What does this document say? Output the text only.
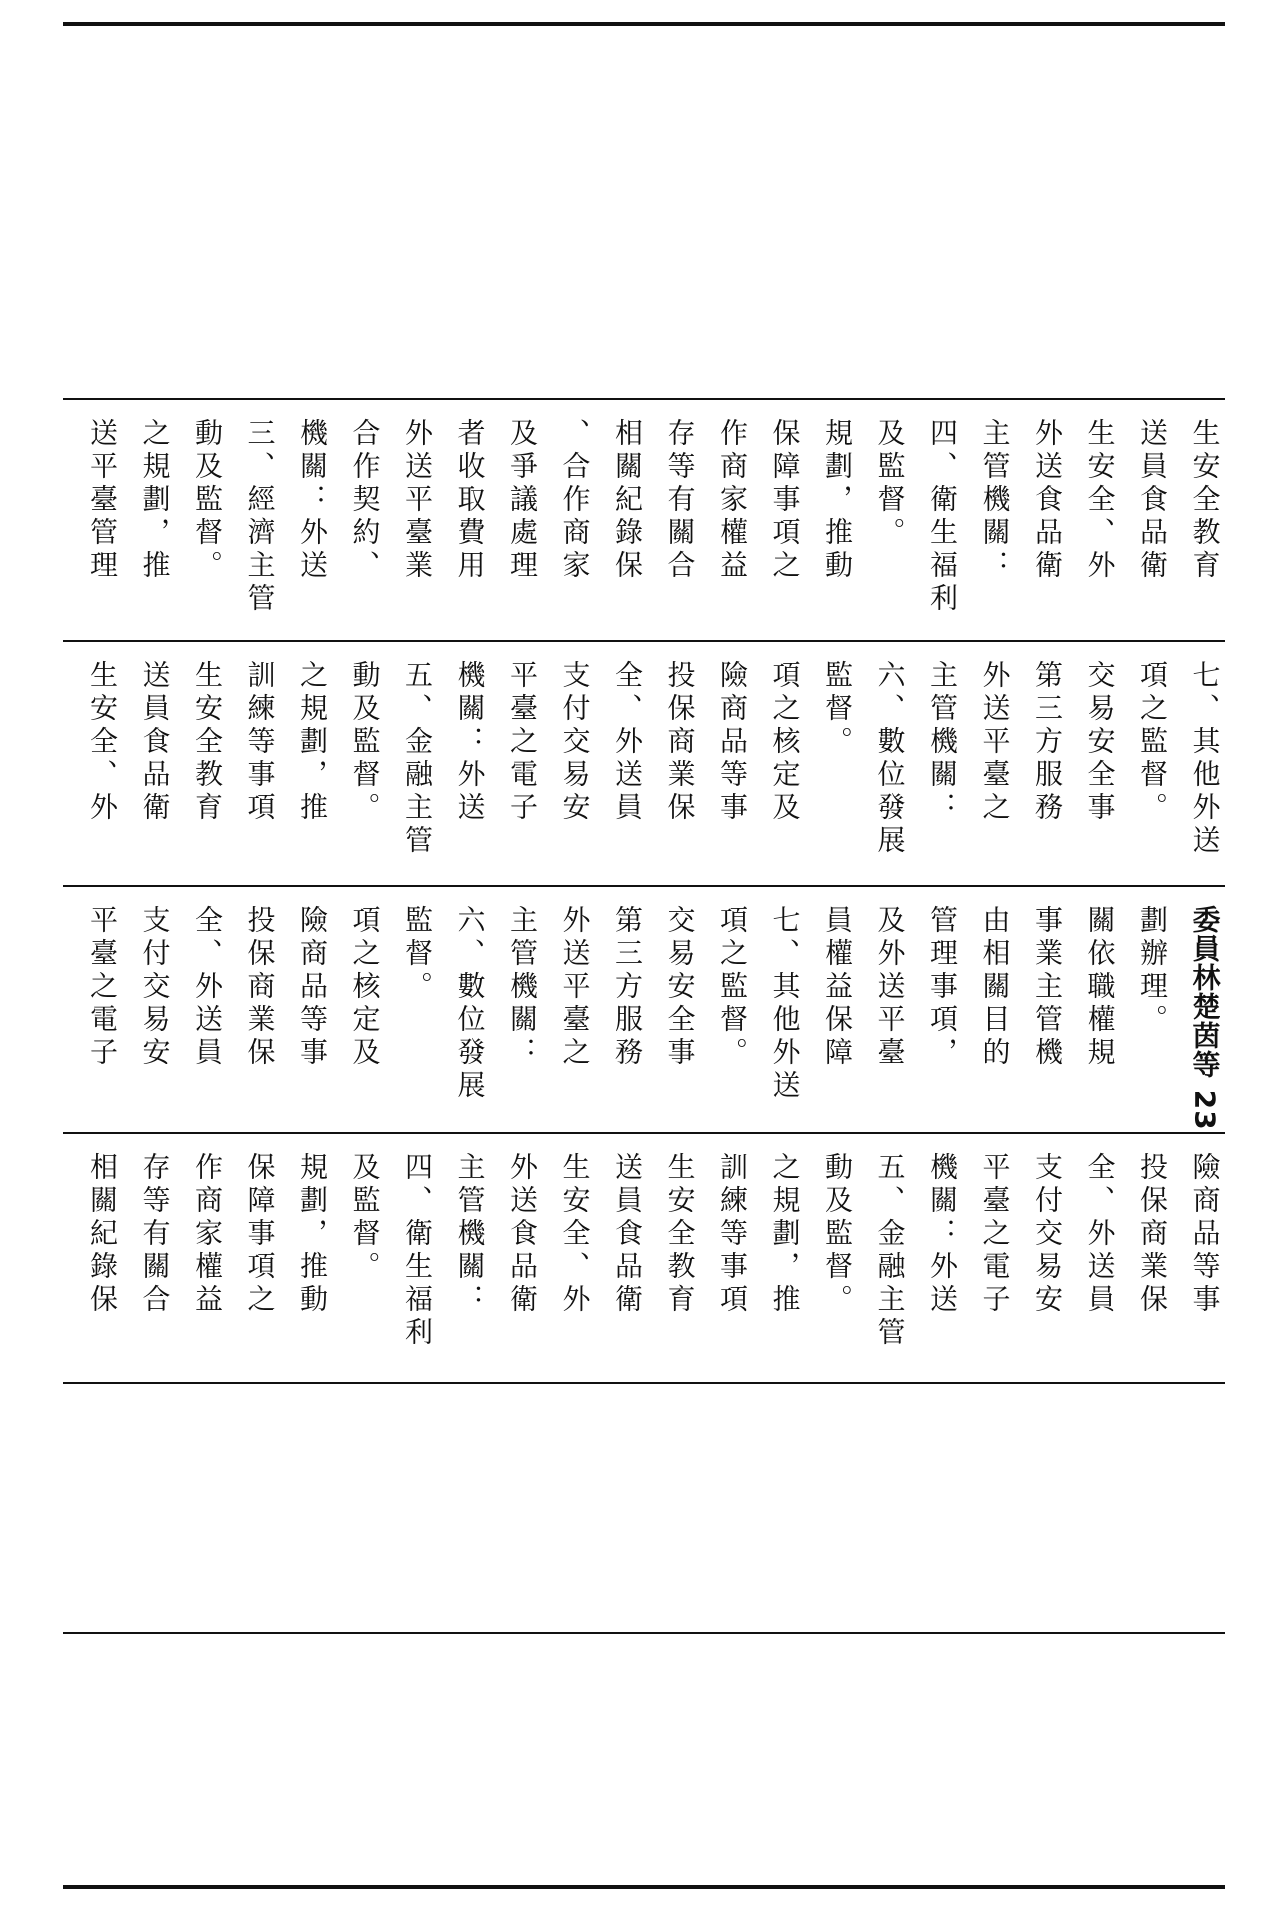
送平臺管理 之規劃，推 動及監督。 三、經濟主管 機關：外送 合作契約、 外送平臺業 者收取費用 及爭議處理 、合作商家 相關紀錄保 存等有關合 作商家權益 保障事項之 規劃，推動 及監督。 四、衛生福利 主管機關： 外送食品衛 生安全、外 送員食品衛 生安全教育
生安全、外 送員食品衛 生安全教育 訓練等事項 之規劃，推 動及監督。 五、金融主管 機關：外送 平臺之電子 支付交易安 全、外送員 投保商業保 險商品等事 項之核定及 監督。 六、數位發展 主管機關： 外送平臺之 第三方服務 交易安全事 項之監督。 七、其他外送
平臺之電子 支付交易安 全、外送員 投保商業保 險商品等事 項之核定及 監督。 六、數位發展 主管機關： 外送平臺之 第三方服務 交易安全事 項之監督。 七、其他外送 員權益保障 及外送平臺 管理事項， 由相關目的 事業主管機 關依職權規 劃辦理。 委員林楚茵等 23
相關紀錄保 存等有關合 作商家權益 保障事項之 規劃，推動 及監督。 四、衛生福利 主管機關： 外送食品衛 生安全、外 送員食品衛 生安全教育 訓練等事項 之規劃，推 動及監督。 五、金融主管 機關：外送 平臺之電子 支付交易安 全、外送員 投保商業保 險商品等事
